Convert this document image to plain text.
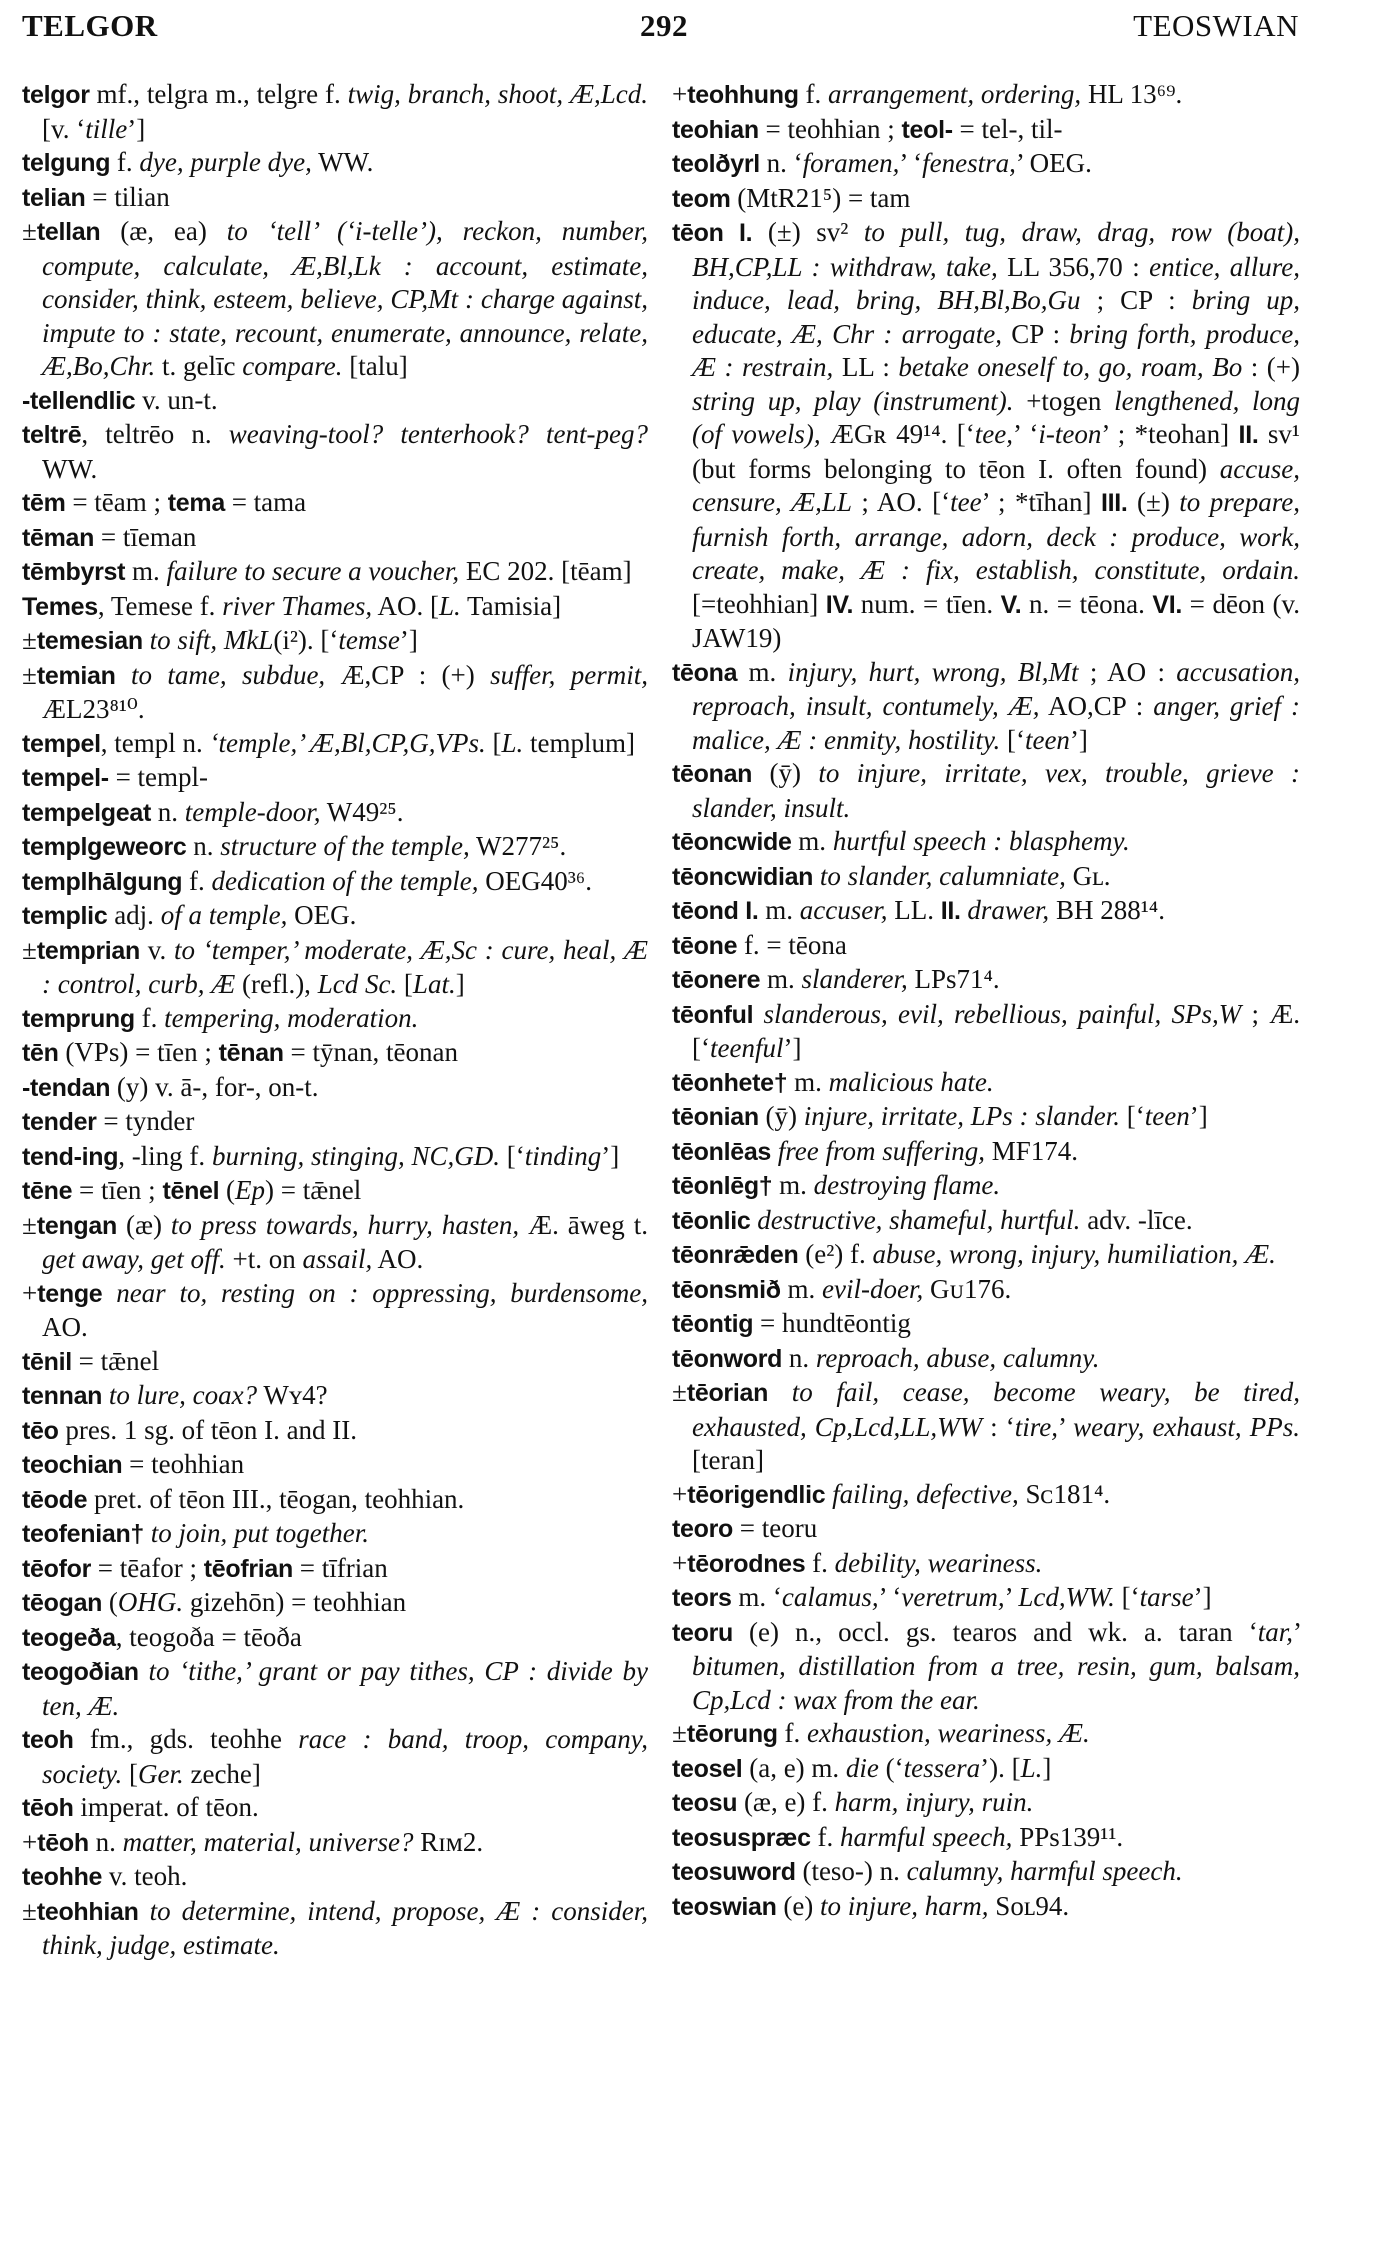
TELGOR	292	TEOSWIAN

telgor mf., telgra m., telgre f. twig, branch, shoot, Æ,Lcd. [v. ‘tille’]

telgung f. dye, purple dye, WW.

telian = tilian

±tellan (æ, ea) to ‘tell’ (‘i-telle’), reckon, number, compute, calculate, Æ,Bl,Lk : account, estimate, consider, think, esteem, believe, CP,Mt : charge against, impute to : state, recount, enumerate, announce, relate, Æ,Bo,Chr. t. gelīc compare. [talu]

-tellendlic v. un-t.

teltrē, teltrēo n. weaving-tool? tenterhook? tent-peg? WW.

tēm = tēam ; tema = tama

tēman = tīeman

tēmbyrst m. failure to secure a voucher, EC 202. [tēam]

Temes, Temese f. river Thames, AO. [L. Tamisia]

±temesian to sift, MkL(i²). [‘temse’]

±temian to tame, subdue, Æ,CP : (+) suffer, permit, ÆL23⁸¹⁰.

tempel, templ n. ‘temple,’ Æ,Bl,CP,G,VPs. [L. templum]

tempel- = templ-

tempelgeat n. temple-door, W49²⁵.

templgeweorc n. structure of the temple, W277²⁵.

templhālgung f. dedication of the temple, OEG40³⁶.

templic adj. of a temple, OEG.

±temprian v. to ‘temper,’ moderate, Æ,Sc : cure, heal, Æ : control, curb, Æ (refl.), Lcd Sc. [Lat.]

temprung f. tempering, moderation.

tēn (VPs) = tīen ; tēnan = tȳnan, tēonan

-tendan (y) v. ā-, for-, on-t.

tender = tynder

tend-ing, -ling f. burning, stinging, NC,GD. [‘tinding’]

tēne = tīen ; tēnel (Ep) = tǣnel

±tengan (æ) to press towards, hurry, hasten, Æ. āweg t. get away, get off. +t. on assail, AO.

+tenge near to, resting on : oppressing, burdensome, AO.

tēnil = tǣnel

tennan to lure, coax? Wʏ4?

tēo pres. 1 sg. of tēon I. and II.

teochian = teohhian

tēode pret. of tēon III., tēogan, teohhian.

teofenian† to join, put together.

tēofor = tēafor ; tēofrian = tīfrian

tēogan (OHG. gizehōn) = teohhian

teogeða, teogoða = tēoða

teogoðian to ‘tithe,’ grant or pay tithes, CP : divide by ten, Æ.

teoh fm., gds. teohhe race : band, troop, company, society. [Ger. zeche]

tēoh imperat. of tēon.

+tēoh n. matter, material, universe? Rɪᴍ2.

teohhe v. teoh.

±teohhian to determine, intend, propose, Æ : consider, think, judge, estimate.

+teohhung f. arrangement, ordering, HL 13⁶⁹.

teohian = teohhian ; teol- = tel-, til-

teolðyrl n. ‘foramen,’ ‘fenestra,’ OEG.

teom (MtR21⁵) = tam

tēon I. (±) sv² to pull, tug, draw, drag, row (boat), BH,CP,LL : withdraw, take, LL 356,70 : entice, allure, induce, lead, bring, BH,Bl,Bo,Gu ; CP : bring up, educate, Æ, Chr : arrogate, CP : bring forth, produce, Æ : restrain, LL : betake oneself to, go, roam, Bo : (+) string up, play (instrument). +togen lengthened, long (of vowels), ÆGʀ 49¹⁴. [‘tee,’ ‘i-teon’ ; *teohan] II. sv¹ (but forms belonging to tēon I. often found) accuse, censure, Æ,LL ; AO. [‘tee’ ; *tīhan] III. (±) to prepare, furnish forth, arrange, adorn, deck : produce, work, create, make, Æ : fix, establish, constitute, ordain. [=teohhian] IV. num. = tīen. V. n. = tēona. VI. = dēon (v. JAW19)

tēona m. injury, hurt, wrong, Bl,Mt ; AO : accusation, reproach, insult, contumely, Æ, AO,CP : anger, grief : malice, Æ : enmity, hostility. [‘teen’]

tēonan (ȳ) to injure, irritate, vex, trouble, grieve : slander, insult.

tēoncwide m. hurtful speech : blasphemy.

tēoncwidian to slander, calumniate, Gʟ.

tēond I. m. accuser, LL. II. drawer, BH 288¹⁴.

tēone f. = tēona

tēonere m. slanderer, LPs71⁴.

tēonful slanderous, evil, rebellious, painful, SPs,W ; Æ. [‘teenful’]

tēonhete† m. malicious hate.

tēonian (ȳ) injure, irritate, LPs : slander. [‘teen’]

tēonlēas free from suffering, MF174.

tēonlēg† m. destroying flame.

tēonlic destructive, shameful, hurtful. adv. -līce.

tēonrǣden (e²) f. abuse, wrong, injury, humiliation, Æ.

tēonsmið m. evil-doer, Gᴜ176.

tēontig = hundtēontig

tēonword n. reproach, abuse, calumny.

±tēorian to fail, cease, become weary, be tired, exhausted, Cp,Lcd,LL,WW : ‘tire,’ weary, exhaust, PPs. [teran]

+tēorigendlic failing, defective, Sᴄ181⁴.

teoro = teoru

+tēorodnes f. debility, weariness.

teors m. ‘calamus,’ ‘veretrum,’ Lcd,WW. [‘tarse’]

teoru (e) n., occl. gs. tearos and wk. a. taran ‘tar,’ bitumen, distillation from a tree, resin, gum, balsam, Cp,Lcd : wax from the ear.

±tēorung f. exhaustion, weariness, Æ.

teosel (a, e) m. die (‘tessera’). [L.]

teosu (æ, e) f. harm, injury, ruin.

teosuspræc f. harmful speech, PPs139¹¹.

teosuword (teso-) n. calumny, harmful speech.

teoswian (e) to injure, harm, Sᴏʟ94.
